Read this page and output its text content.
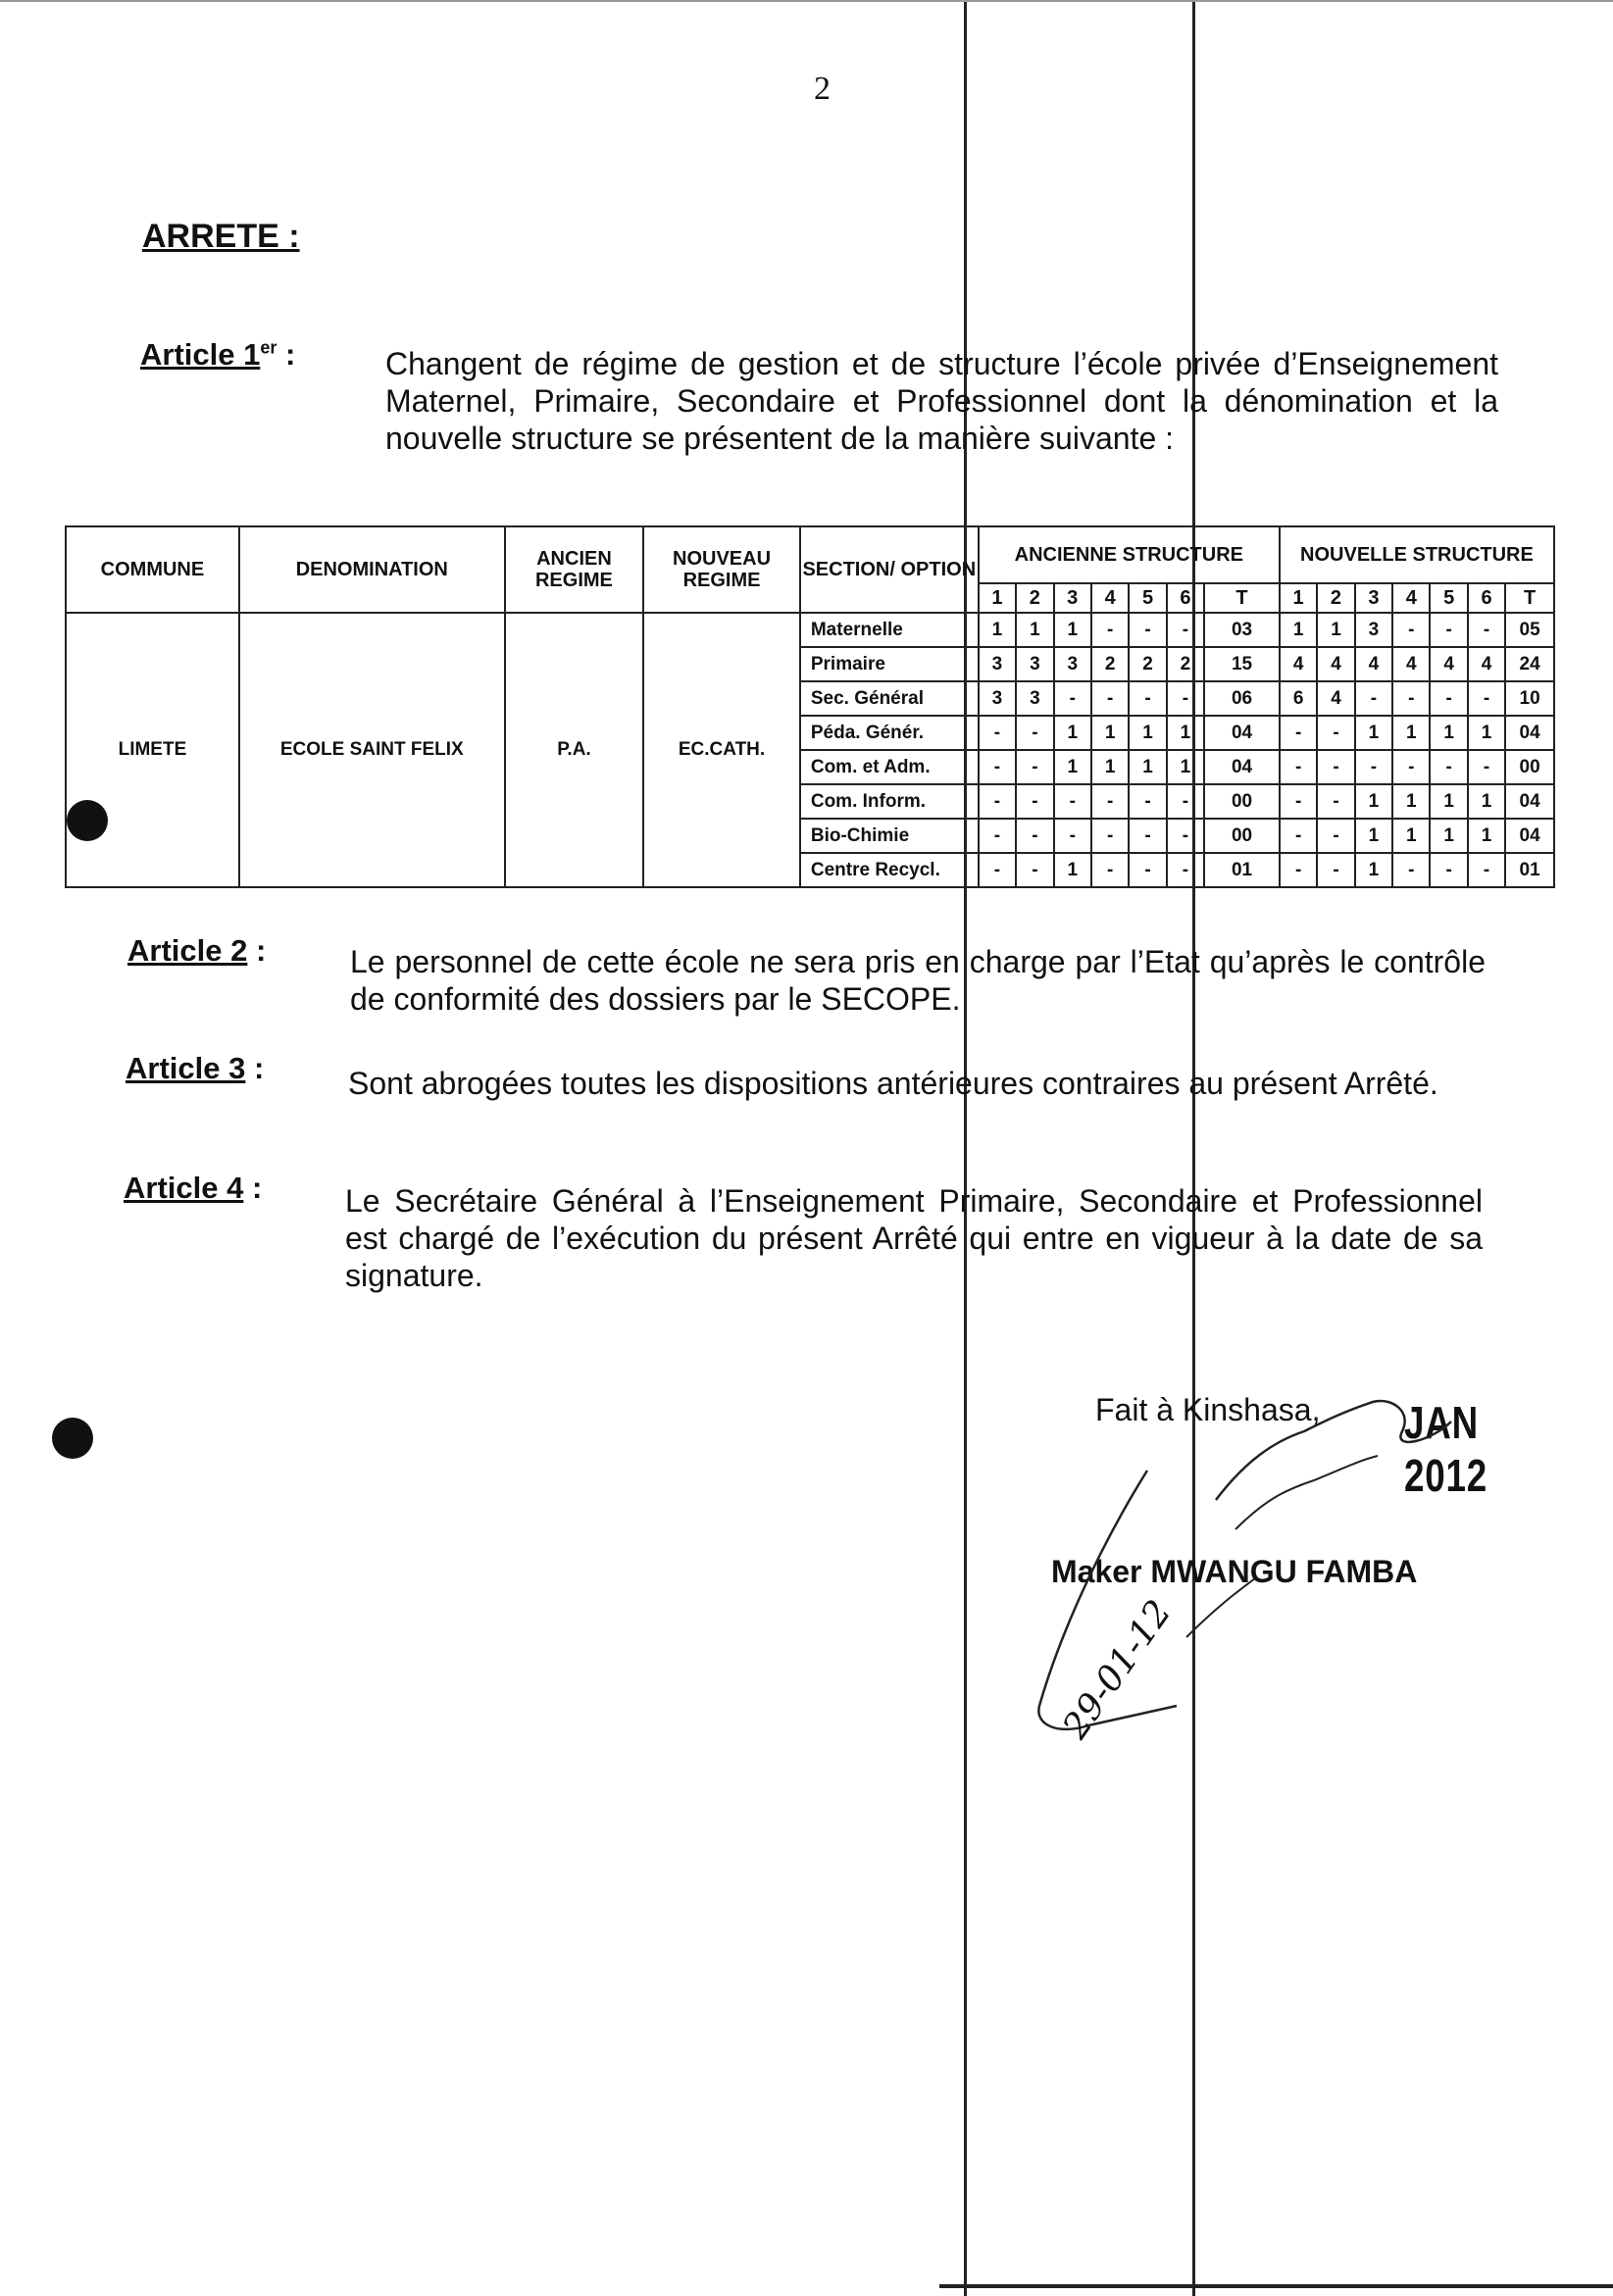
2
ARRETE :
Article 1er :	Changent de régime de gestion et de structure l’école privée d’Enseignement Maternel, Primaire, Secondaire et Professionnel dont la dénomination et la nouvelle structure se présentent de la manière suivante :
COMMUNE	DENOMINATION	ANCIEN REGIME	NOUVEAU REGIME	SECTION/ OPTION	ANCIENNE STRUCTURE							NOUVELLE STRUCTURE						
					1	2	3	4	5	6	T	1	2	3	4	5	6	T
LIMETE	ECOLE SAINT FELIX	P.A.	EC.CATH.	Maternelle	1	1	1	-	-	-	03	1	1	3	-	-	-	05
				Primaire	3	3	3	2	2	2	15	4	4	4	4	4	4	24
				Sec. Général	3	3	-	-	-	-	06	6	4	-	-	-	-	10
				Péda. Génér.	-	-	1	1	1	1	04	-	-	1	1	1	1	04
				Com. et Adm.	-	-	1	1	1	1	04	-	-	-	-	-	-	00
				Com. Inform.	-	-	-	-	-	-	00	-	-	1	1	1	1	04
				Bio-Chimie	-	-	-	-	-	-	00	-	-	1	1	1	1	04
				Centre Recycl.	-	-	1	-	-	-	01	-	-	1	-	-	-	01
Article 2 :	Le personnel de cette école ne sera pris en charge par l’Etat qu’après le contrôle de conformité des dossiers par le SECOPE.
Article 3 :	Sont abrogées toutes les dispositions antérieures contraires au présent Arrêté.
Article 4 :	Le Secrétaire Général à l’Enseignement Primaire, Secondaire et Professionnel est chargé de l’exécution du présent Arrêté qui entre en vigueur à la date de sa signature.
Fait à Kinshasa, JAN 2012
Maker MWANGU FAMBA
29-01-12
